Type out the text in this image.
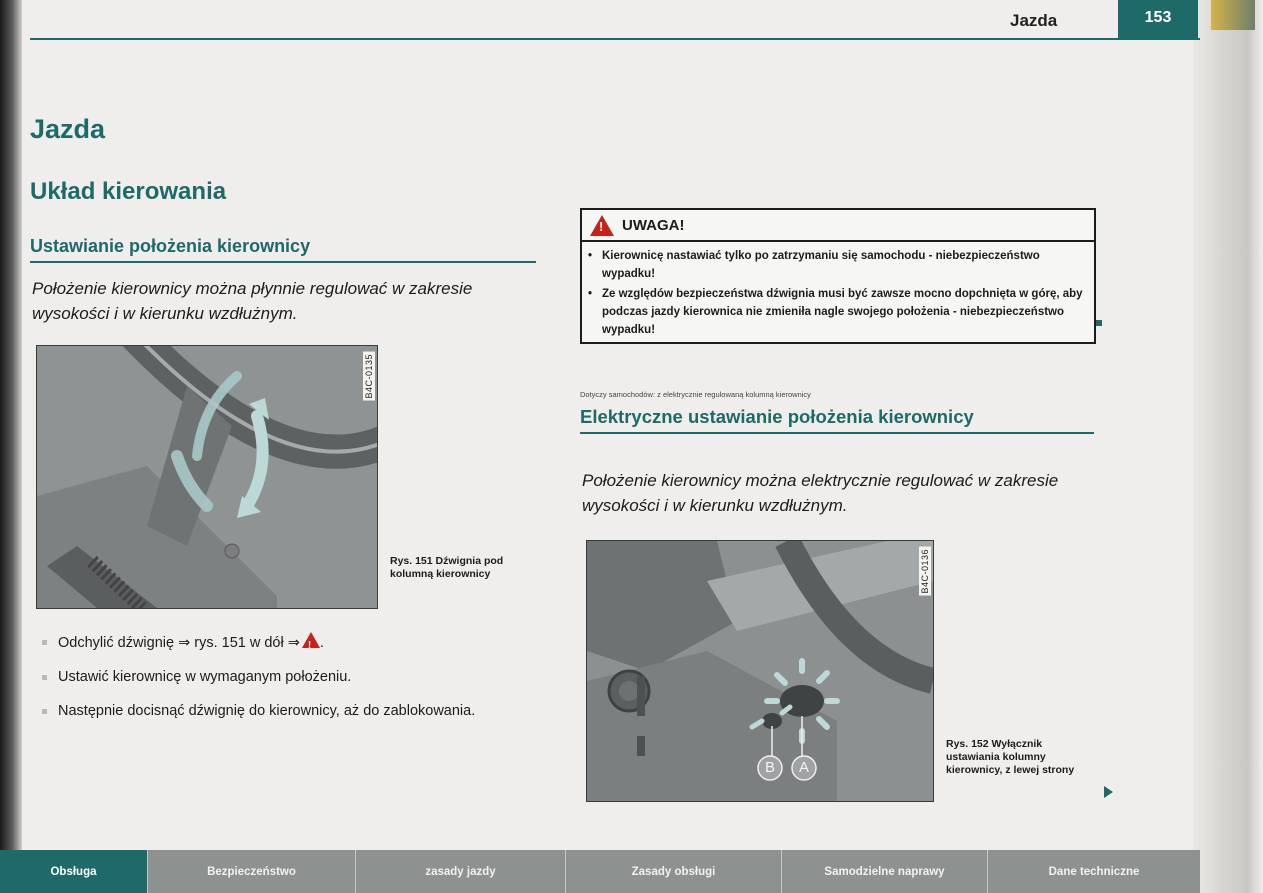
Jazda	153
Jazda
Układ kierowania
Ustawianie położenia kierownicy
Położenie kierownicy można płynnie regulować w zakresie wysokości i w kierunku wzdłużnym.
B4C-0135
Rys. 151 Dźwignia pod kolumną kierownicy
Odchylić dźwignię ⇒ rys. 151 w dół ⇒! .
Ustawić kierownicę w wymaganym położeniu.
Następnie docisnąć dźwignię do kierownicy, aż do zablokowania.
!
UWAGA!
• Kierownicę nastawiać tylko po zatrzymaniu się samochodu - niebezpieczeństwo wypadku!
• Ze względów bezpieczeństwa dźwignia musi być zawsze mocno dopchnięta w górę, aby podczas jazdy kierownica nie zmieniła nagle swojego położenia - niebezpieczeństwo wypadku!
Dotyczy samochodów: z elektrycznie regulowaną kolumną kierownicy
Elektryczne ustawianie położenia kierownicy
Położenie kierownicy można elektrycznie regulować w zakresie wysokości i w kierunku wzdłużnym.
B4C-0136
B A
Rys. 152 Wyłącznik ustawiania kolumny kierownicy, z lewej strony
Obsługa	Bezpieczeństwo	zasady jazdy	Zasady obsługi	Samodzielne naprawy	Dane techniczne
